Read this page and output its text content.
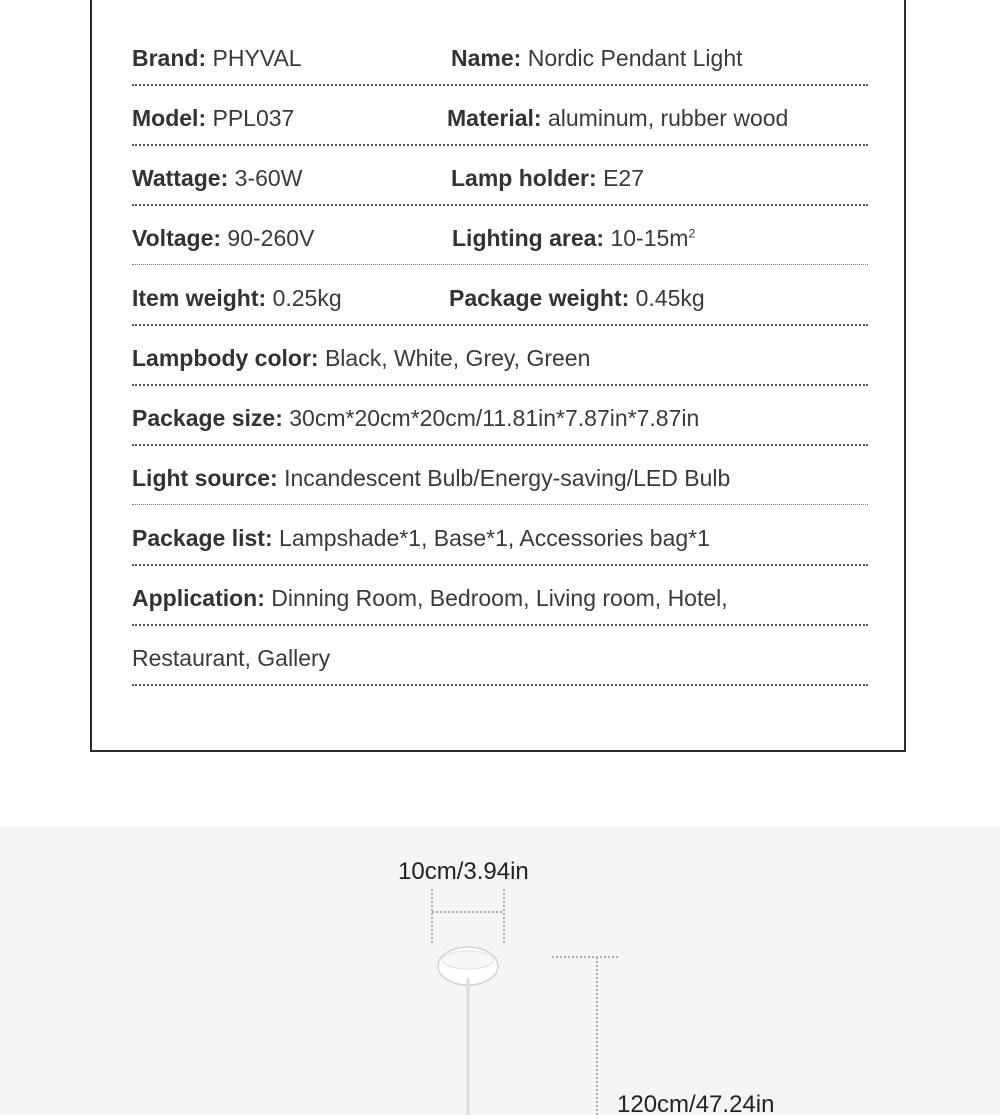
Brand: PHYVAL	Name: Nordic Pendant Light
Model: PPL037	Material: aluminum, rubber wood
Wattage: 3-60W	Lamp holder: E27
Voltage: 90-260V	Lighting area: $10-15m^2$
Item weight: 0.25kg	Package weight: 0.45kg
Lampbody color: Black, White, Grey, Green
Package size: 30cm*20cm*20cm/11.81in*7.87in*7.87in
Light source: Incandescent Bulb/Energy-saving/LED Bulb
Package list: Lampshade*1, Base*1, Accessories bag*1
Application: Dinning Room, Bedroom, Living room, Hotel,
Restaurant, Gallery
10cm/3.94in
120cm/47.24in
